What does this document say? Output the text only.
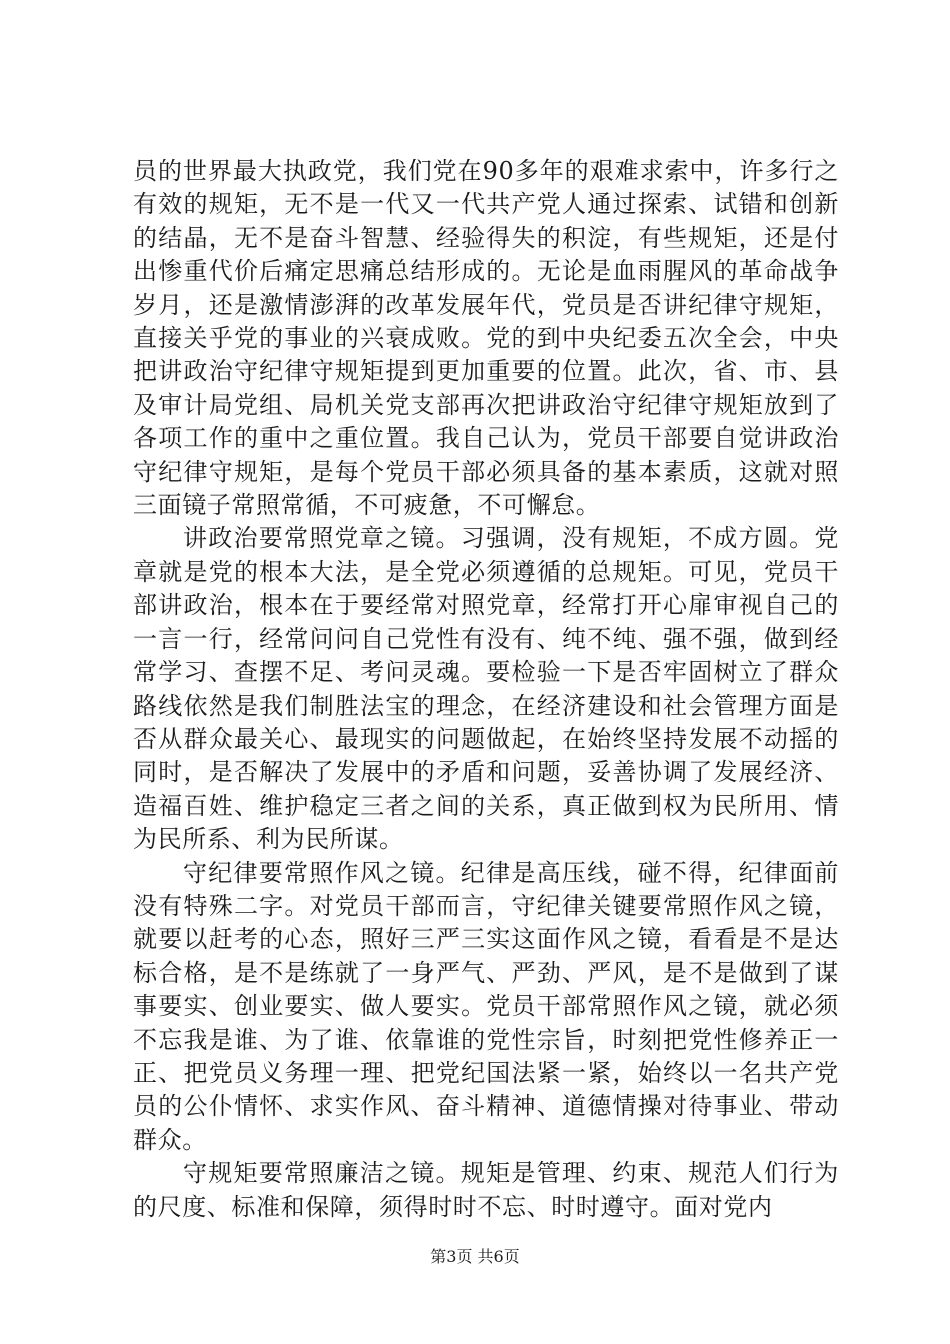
员的世界最大执政党，我们党在90多年的艰难求索中，许多行之有效的规矩，无不是一代又一代共产党人通过探索、试错和创新的结晶，无不是奋斗智慧、经验得失的积淀，有些规矩，还是付出惨重代价后痛定思痛总结形成的。无论是血雨腥风的革命战争岁月，还是激情澎湃的改革发展年代，党员是否讲纪律守规矩，直接关乎党的事业的兴衰成败。党的到中央纪委五次全会，中央把讲政治守纪律守规矩提到更加重要的位置。此次，省、市、县及审计局党组、局机关党支部再次把讲政治守纪律守规矩放到了各项工作的重中之重位置。我自己认为，党员干部要自觉讲政治守纪律守规矩，是每个党员干部必须具备的基本素质，这就对照三面镜子常照常循，不可疲惫，不可懈怠。

讲政治要常照党章之镜。习强调，没有规矩，不成方圆。党章就是党的根本大法，是全党必须遵循的总规矩。可见，党员干部讲政治，根本在于要经常对照党章，经常打开心扉审视自己的一言一行，经常问问自己党性有没有、纯不纯、强不强，做到经常学习、查摆不足、考问灵魂。要检验一下是否牢固树立了群众路线依然是我们制胜法宝的理念，在经济建设和社会管理方面是否从群众最关心、最现实的问题做起，在始终坚持发展不动摇的同时，是否解决了发展中的矛盾和问题，妥善协调了发展经济、造福百姓、维护稳定三者之间的关系，真正做到权为民所用、情为民所系、利为民所谋。

守纪律要常照作风之镜。纪律是高压线，碰不得，纪律面前没有特殊二字。对党员干部而言，守纪律关键要常照作风之镜，就要以赶考的心态，照好三严三实这面作风之镜，看看是不是达标合格，是不是练就了一身严气、严劲、严风，是不是做到了谋事要实、创业要实、做人要实。党员干部常照作风之镜，就必须不忘我是谁、为了谁、依靠谁的党性宗旨，时刻把党性修养正一正、把党员义务理一理、把党纪国法紧一紧，始终以一名共产党员的公仆情怀、求实作风、奋斗精神、道德情操对待事业、带动群众。

守规矩要常照廉洁之镜。规矩是管理、约束、规范人们行为的尺度、标准和保障，须得时时不忘、时时遵守。面对党内

第3页 共6页
